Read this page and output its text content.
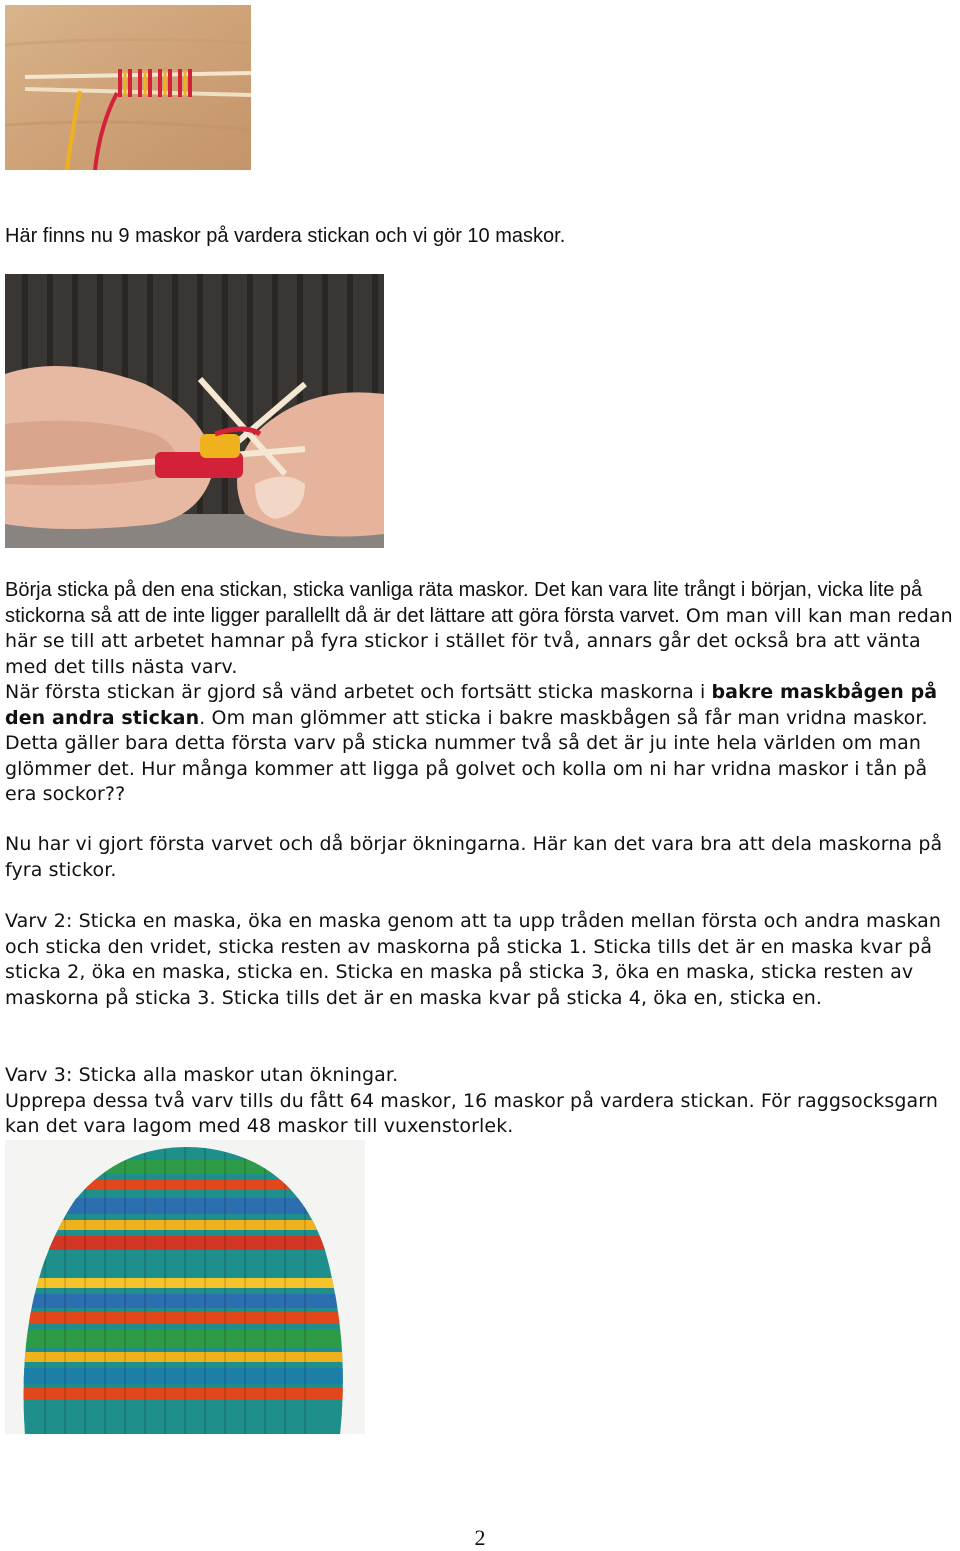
Här finns nu 9 maskor på vardera stickan och vi gör 10 maskor.

Börja sticka på den ena stickan, sticka vanliga räta maskor. Det kan vara lite trångt i början, vicka lite på stickorna så att de inte ligger parallellt då är det lättare att göra första varvet. Om man vill kan man redan här se till att arbetet hamnar på fyra stickor i stället för två, annars går det också bra att vänta med det tills nästa varv.
När första stickan är gjord så vänd arbetet och fortsätt sticka maskorna i bakre maskbågen på den andra stickan. Om man glömmer att sticka i bakre maskbågen så får man vridna maskor. Detta gäller bara detta första varv på sticka nummer två så det är ju inte hela världen om man glömmer det. Hur många kommer att ligga på golvet och kolla om ni har vridna maskor i tån på era sockor??

Nu har vi gjort första varvet och då börjar ökningarna. Här kan det vara bra att dela maskorna på fyra stickor.

Varv 2: Sticka en maska, öka en maska genom att ta upp tråden mellan första och andra maskan och sticka den vridet, sticka resten av maskorna på sticka 1. Sticka tills det är en maska kvar på sticka 2, öka en maska, sticka en. Sticka en maska på sticka 3, öka en maska, sticka resten av maskorna på sticka 3. Sticka tills det är en maska kvar på sticka 4, öka en, sticka en.

Varv 3: Sticka alla maskor utan ökningar.
Upprepa dessa två varv tills du fått 64 maskor, 16 maskor på vardera stickan. För raggsocksgarn kan det vara lagom med 48 maskor till vuxenstorlek.
2
